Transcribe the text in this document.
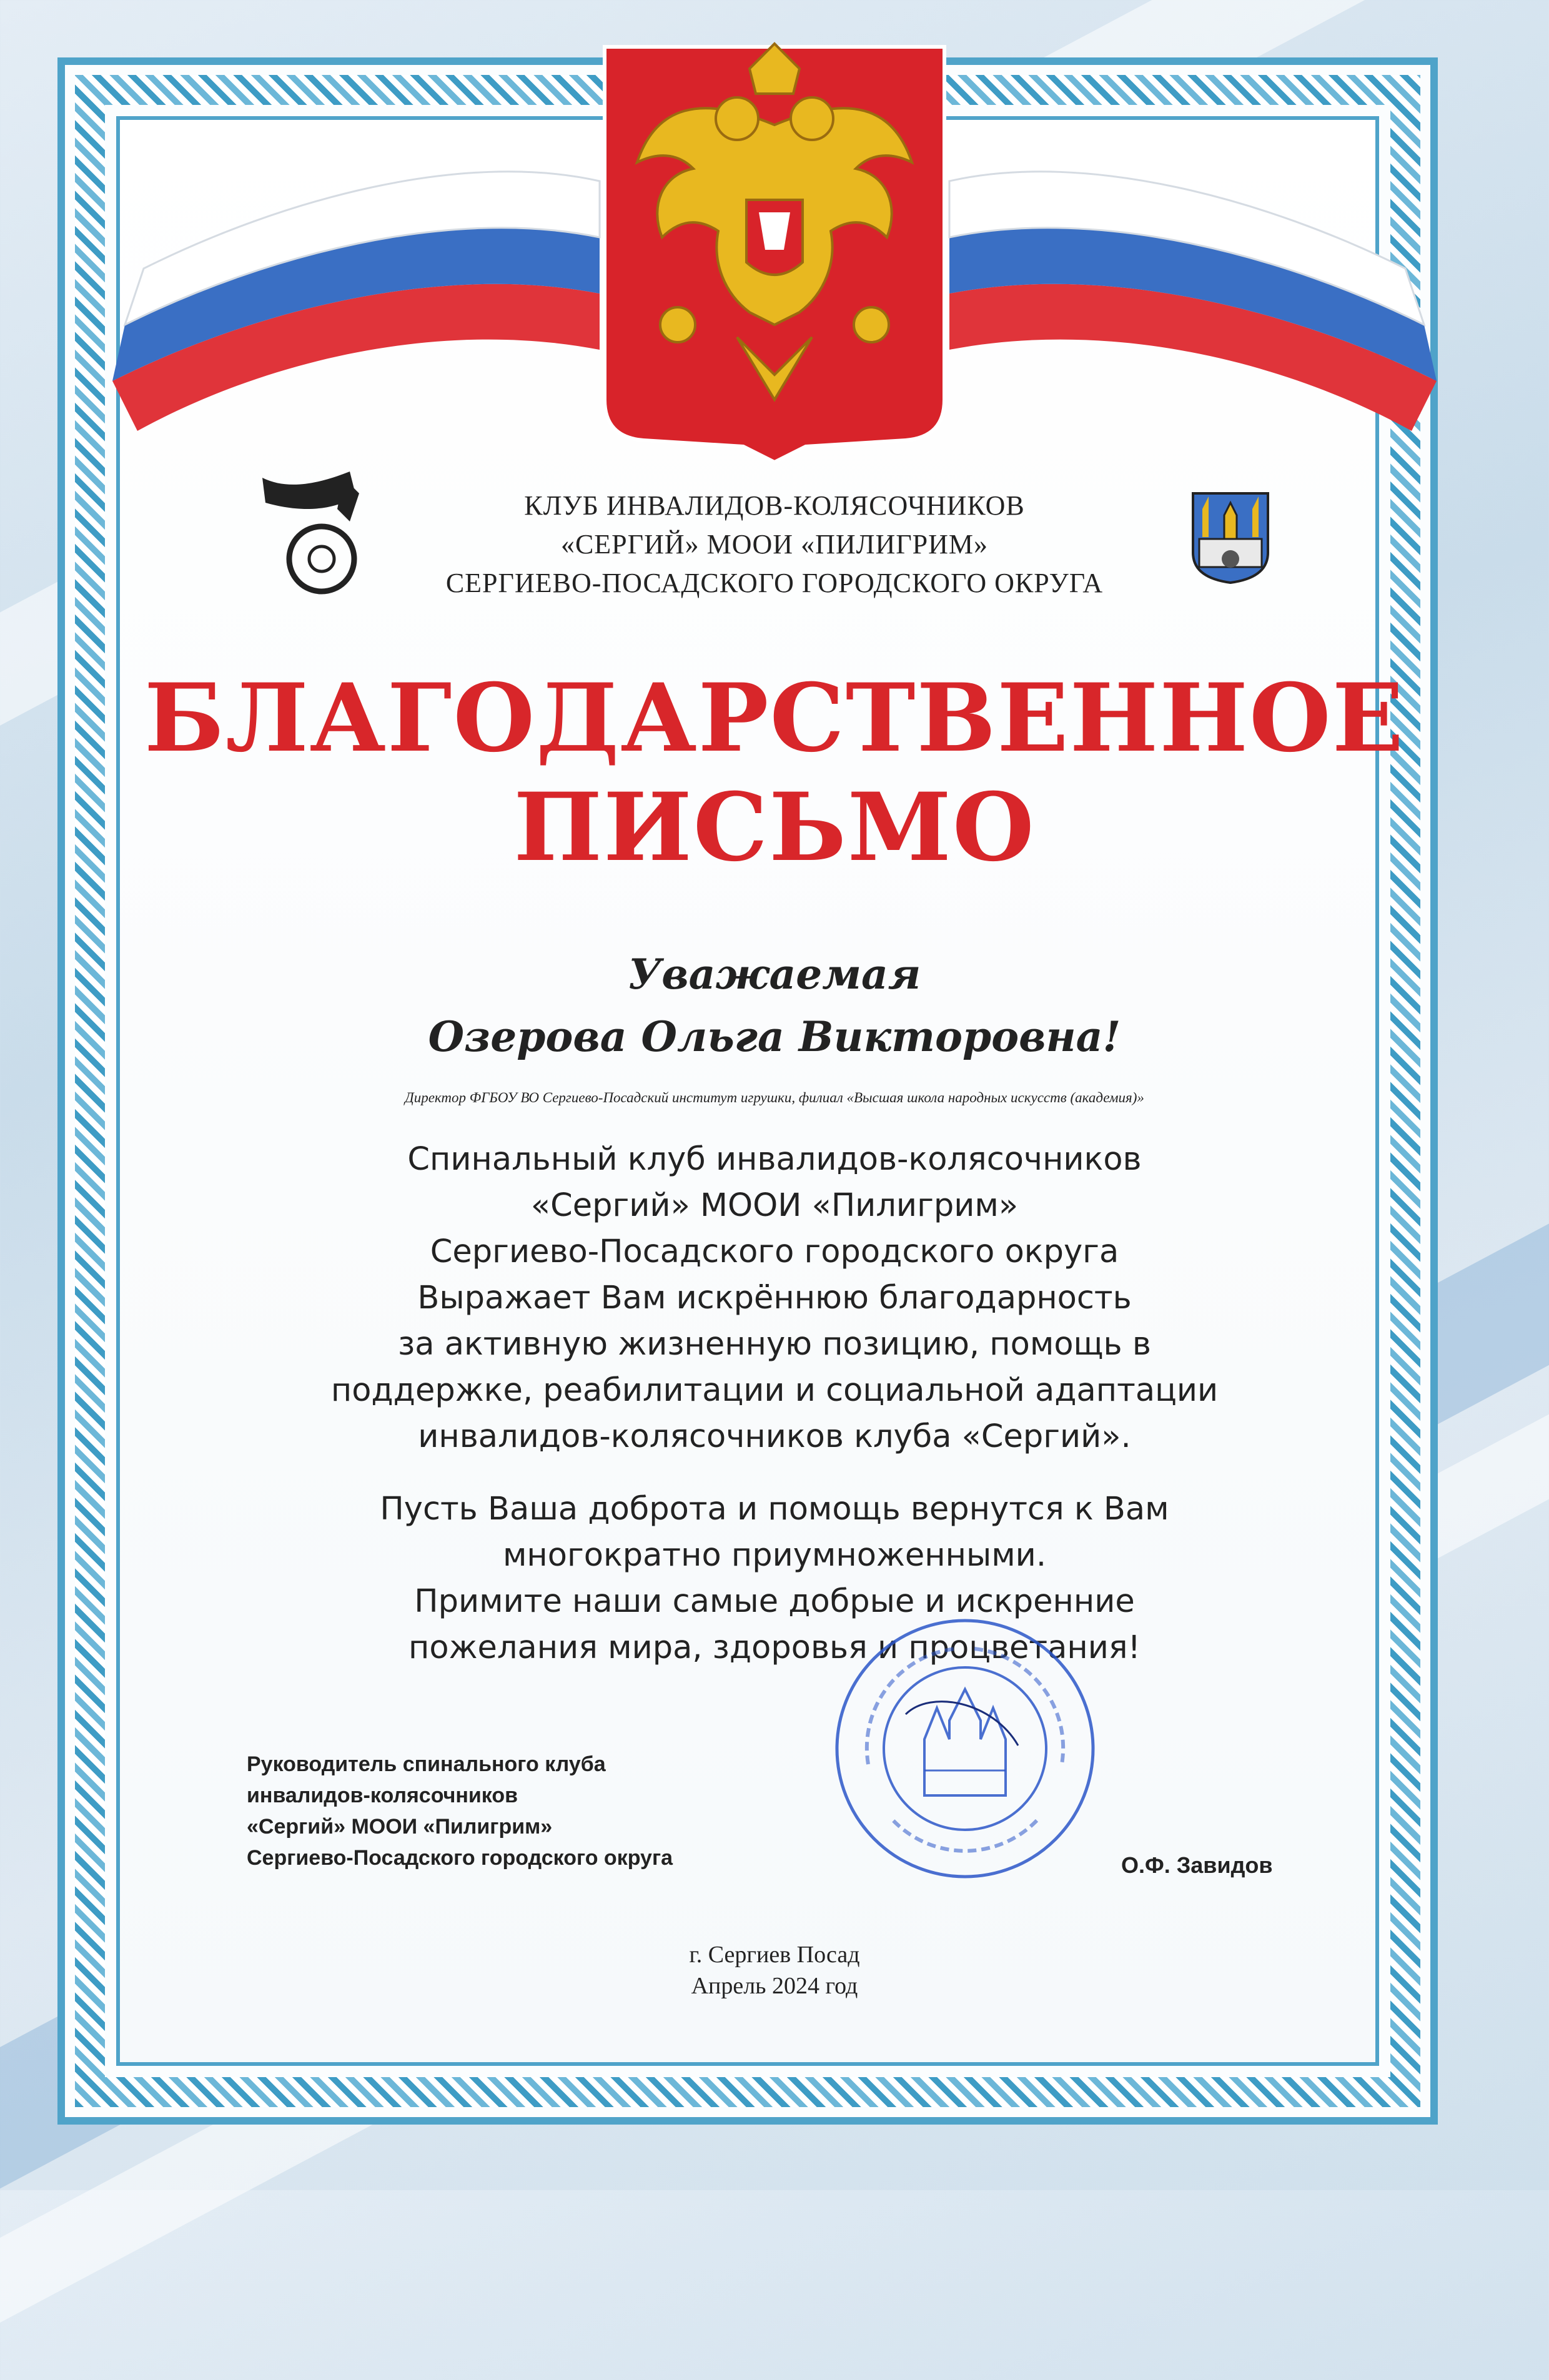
КЛУБ ИНВАЛИДОВ-КОЛЯСОЧНИКОВ
«СЕРГИЙ» МООИ «ПИЛИГРИМ»
СЕРГИЕВО-ПОСАДСКОГО ГОРОДСКОГО ОКРУГА
БЛАГОДАРСТВЕННОЕ
ПИСЬМО
Уважаемая
Озерова Ольга Викторовна!
Директор ФГБОУ ВО Сергиево-Посадский институт игрушки, филиал «Высшая школа народных искусств (академия)»
Спинальный клуб инвалидов-колясочников
«Сергий» МООИ «Пилигрим»
Сергиево-Посадского городского округа
Выражает Вам искрённюю благодарность
за активную жизненную позицию, помощь в
поддержке, реабилитации и социальной адаптации
инвалидов-колясочников клуба «Сергий».
Пусть Ваша доброта и помощь вернутся к Вам
многократно приумноженными.
Примите наши самые добрые и искренние
пожелания мира, здоровья и процветания!
Руководитель спинального клуба
инвалидов-колясочников
«Сергий» МООИ «Пилигрим»
Сергиево-Посадского городского округа	О.Ф. Завидов
г. Сергиев Посад
Апрель 2024 год
